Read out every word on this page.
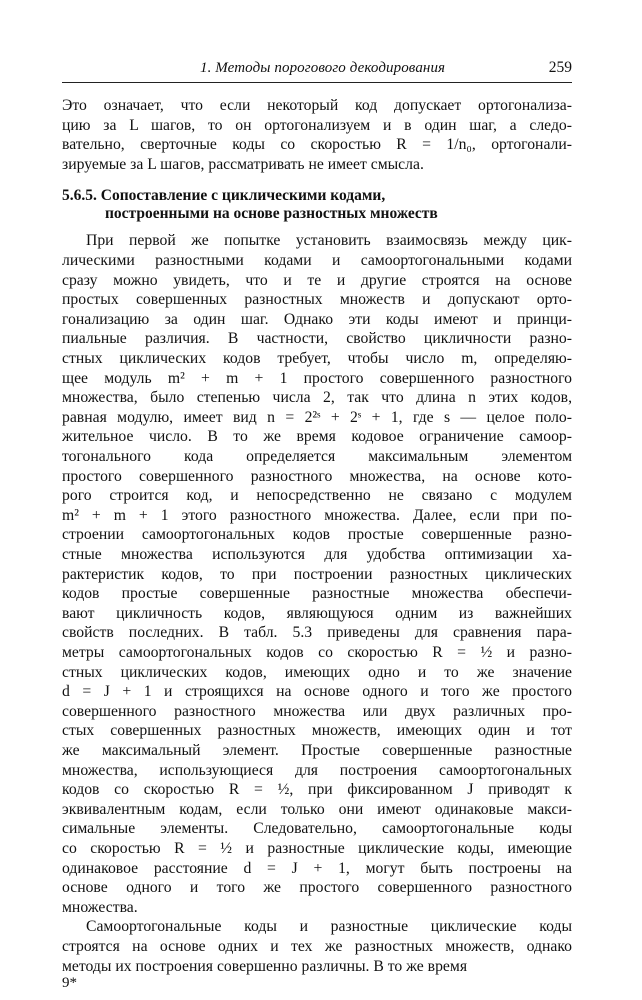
1. Методы порогового декодирования	259
Это означает, что если некоторый код допускает ортогонализа-
цию за L шагов, то он ортогонализуем и в один шаг, а следо-
вательно, сверточные коды со скоростью R = 1/n₀, ортогонали-
зируемые за L шагов, рассматривать не имеет смысла.
5.6.5. Сопоставление с циклическими кодами,
построенными на основе разностных множеств
При первой же попытке установить взаимосвязь между цик-
лическими разностными кодами и самоортогональными кодами
сразу можно увидеть, что и те и другие строятся на основе
простых совершенных разностных множеств и допускают орто-
гонализацию за один шаг. Однако эти коды имеют и принци-
пиальные различия. В частности, свойство цикличности разно-
стных циклических кодов требует, чтобы число m, определяю-
щее модуль m² + m + 1 простого совершенного разностного
множества, было степенью числа 2, так что длина n этих кодов,
равная модулю, имеет вид n = 2²ˢ + 2ˢ + 1, где s — целое поло-
жительное число. В то же время кодовое ограничение самоор-
тогонального кода определяется максимальным элементом
простого совершенного разностного множества, на основе кото-
рого строится код, и непосредственно не связано с модулем
m² + m + 1 этого разностного множества. Далее, если при по-
строении самоортогональных кодов простые совершенные разно-
стные множества используются для удобства оптимизации ха-
рактеристик кодов, то при построении разностных циклических
кодов простые совершенные разностные множества обеспечи-
вают цикличность кодов, являющуюся одним из важнейших
свойств последних. В табл. 5.3 приведены для сравнения пара-
метры самоортогональных кодов со скоростью R = ½ и разно-
стных циклических кодов, имеющих одно и то же значение
d = J + 1 и строящихся на основе одного и того же простого
совершенного разностного множества или двух различных про-
стых совершенных разностных множеств, имеющих один и тот
же максимальный элемент. Простые совершенные разностные
множества, использующиеся для построения самоортогональных
кодов со скоростью R = ½, при фиксированном J приводят к
эквивалентным кодам, если только они имеют одинаковые макси-
симальные элементы. Следовательно, самоортогональные коды
со скоростью R = ½ и разностные циклические коды, имеющие
одинаковое расстояние d = J + 1, могут быть построены на
основе одного и того же простого совершенного разностного
множества.
Самоортогональные коды и разностные циклические коды
9*
строятся на основе одних и тех же разностных множеств, однако
методы их построения совершенно различны. В то же время
